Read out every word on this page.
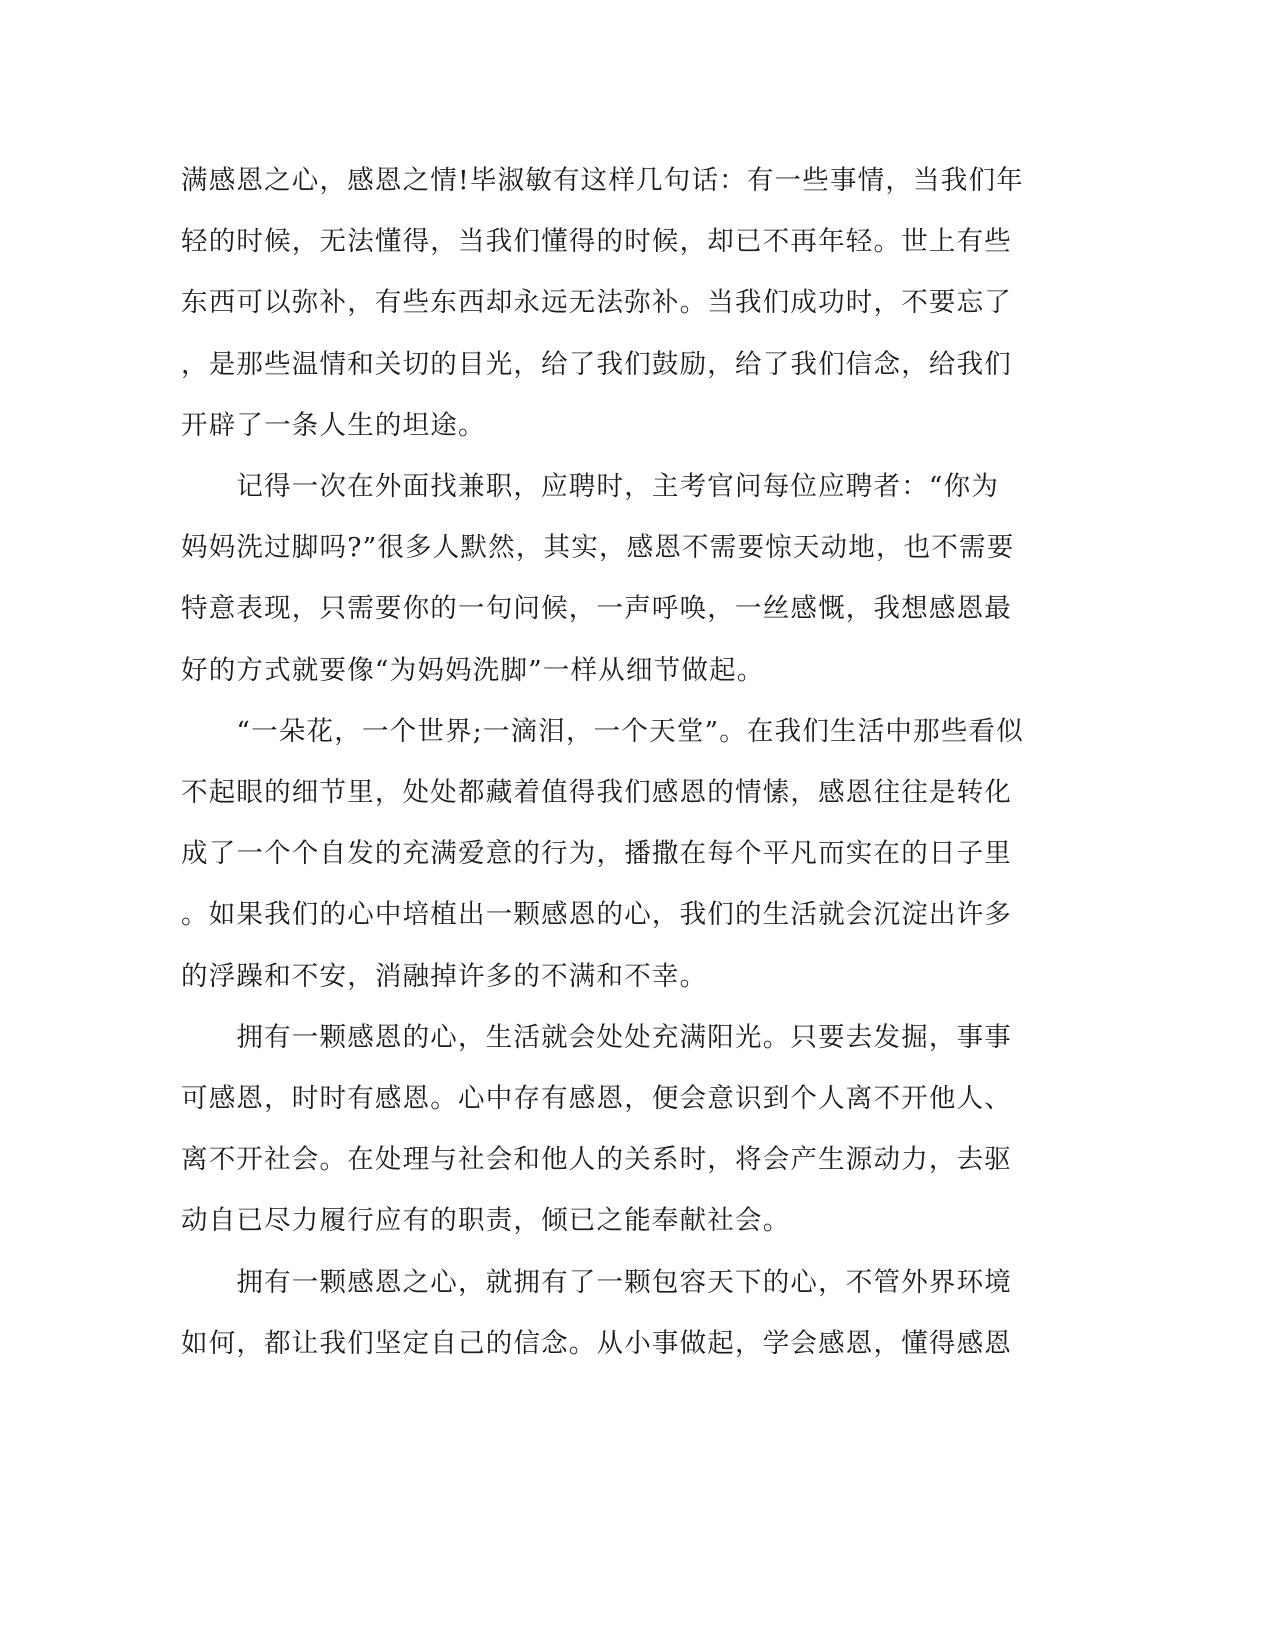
满感恩之心，感恩之情!毕淑敏有这样几句话：有一些事情，当我们年
轻的时候，无法懂得，当我们懂得的时候，却已不再年轻。世上有些
东西可以弥补，有些东西却永远无法弥补。当我们成功时，不要忘了
，是那些温情和关切的目光，给了我们鼓励，给了我们信念，给我们
开辟了一条人生的坦途。

　　记得一次在外面找兼职，应聘时，主考官问每位应聘者：“你为
妈妈洗过脚吗?”很多人默然，其实，感恩不需要惊天动地，也不需要
特意表现，只需要你的一句问候，一声呼唤，一丝感慨，我想感恩最
好的方式就要像“为妈妈洗脚”一样从细节做起。

　　“一朵花，一个世界;一滴泪，一个天堂”。在我们生活中那些看似
不起眼的细节里，处处都藏着值得我们感恩的情愫，感恩往往是转化
成了一个个自发的充满爱意的行为，播撒在每个平凡而实在的日子里
。如果我们的心中培植出一颗感恩的心，我们的生活就会沉淀出许多
的浮躁和不安，消融掉许多的不满和不幸。

　　拥有一颗感恩的心，生活就会处处充满阳光。只要去发掘，事事
可感恩，时时有感恩。心中存有感恩，便会意识到个人离不开他人、
离不开社会。在处理与社会和他人的关系时，将会产生源动力，去驱
动自已尽力履行应有的职责，倾已之能奉献社会。

　　拥有一颗感恩之心，就拥有了一颗包容天下的心，不管外界环境
如何，都让我们坚定自己的信念。从小事做起，学会感恩，懂得感恩
